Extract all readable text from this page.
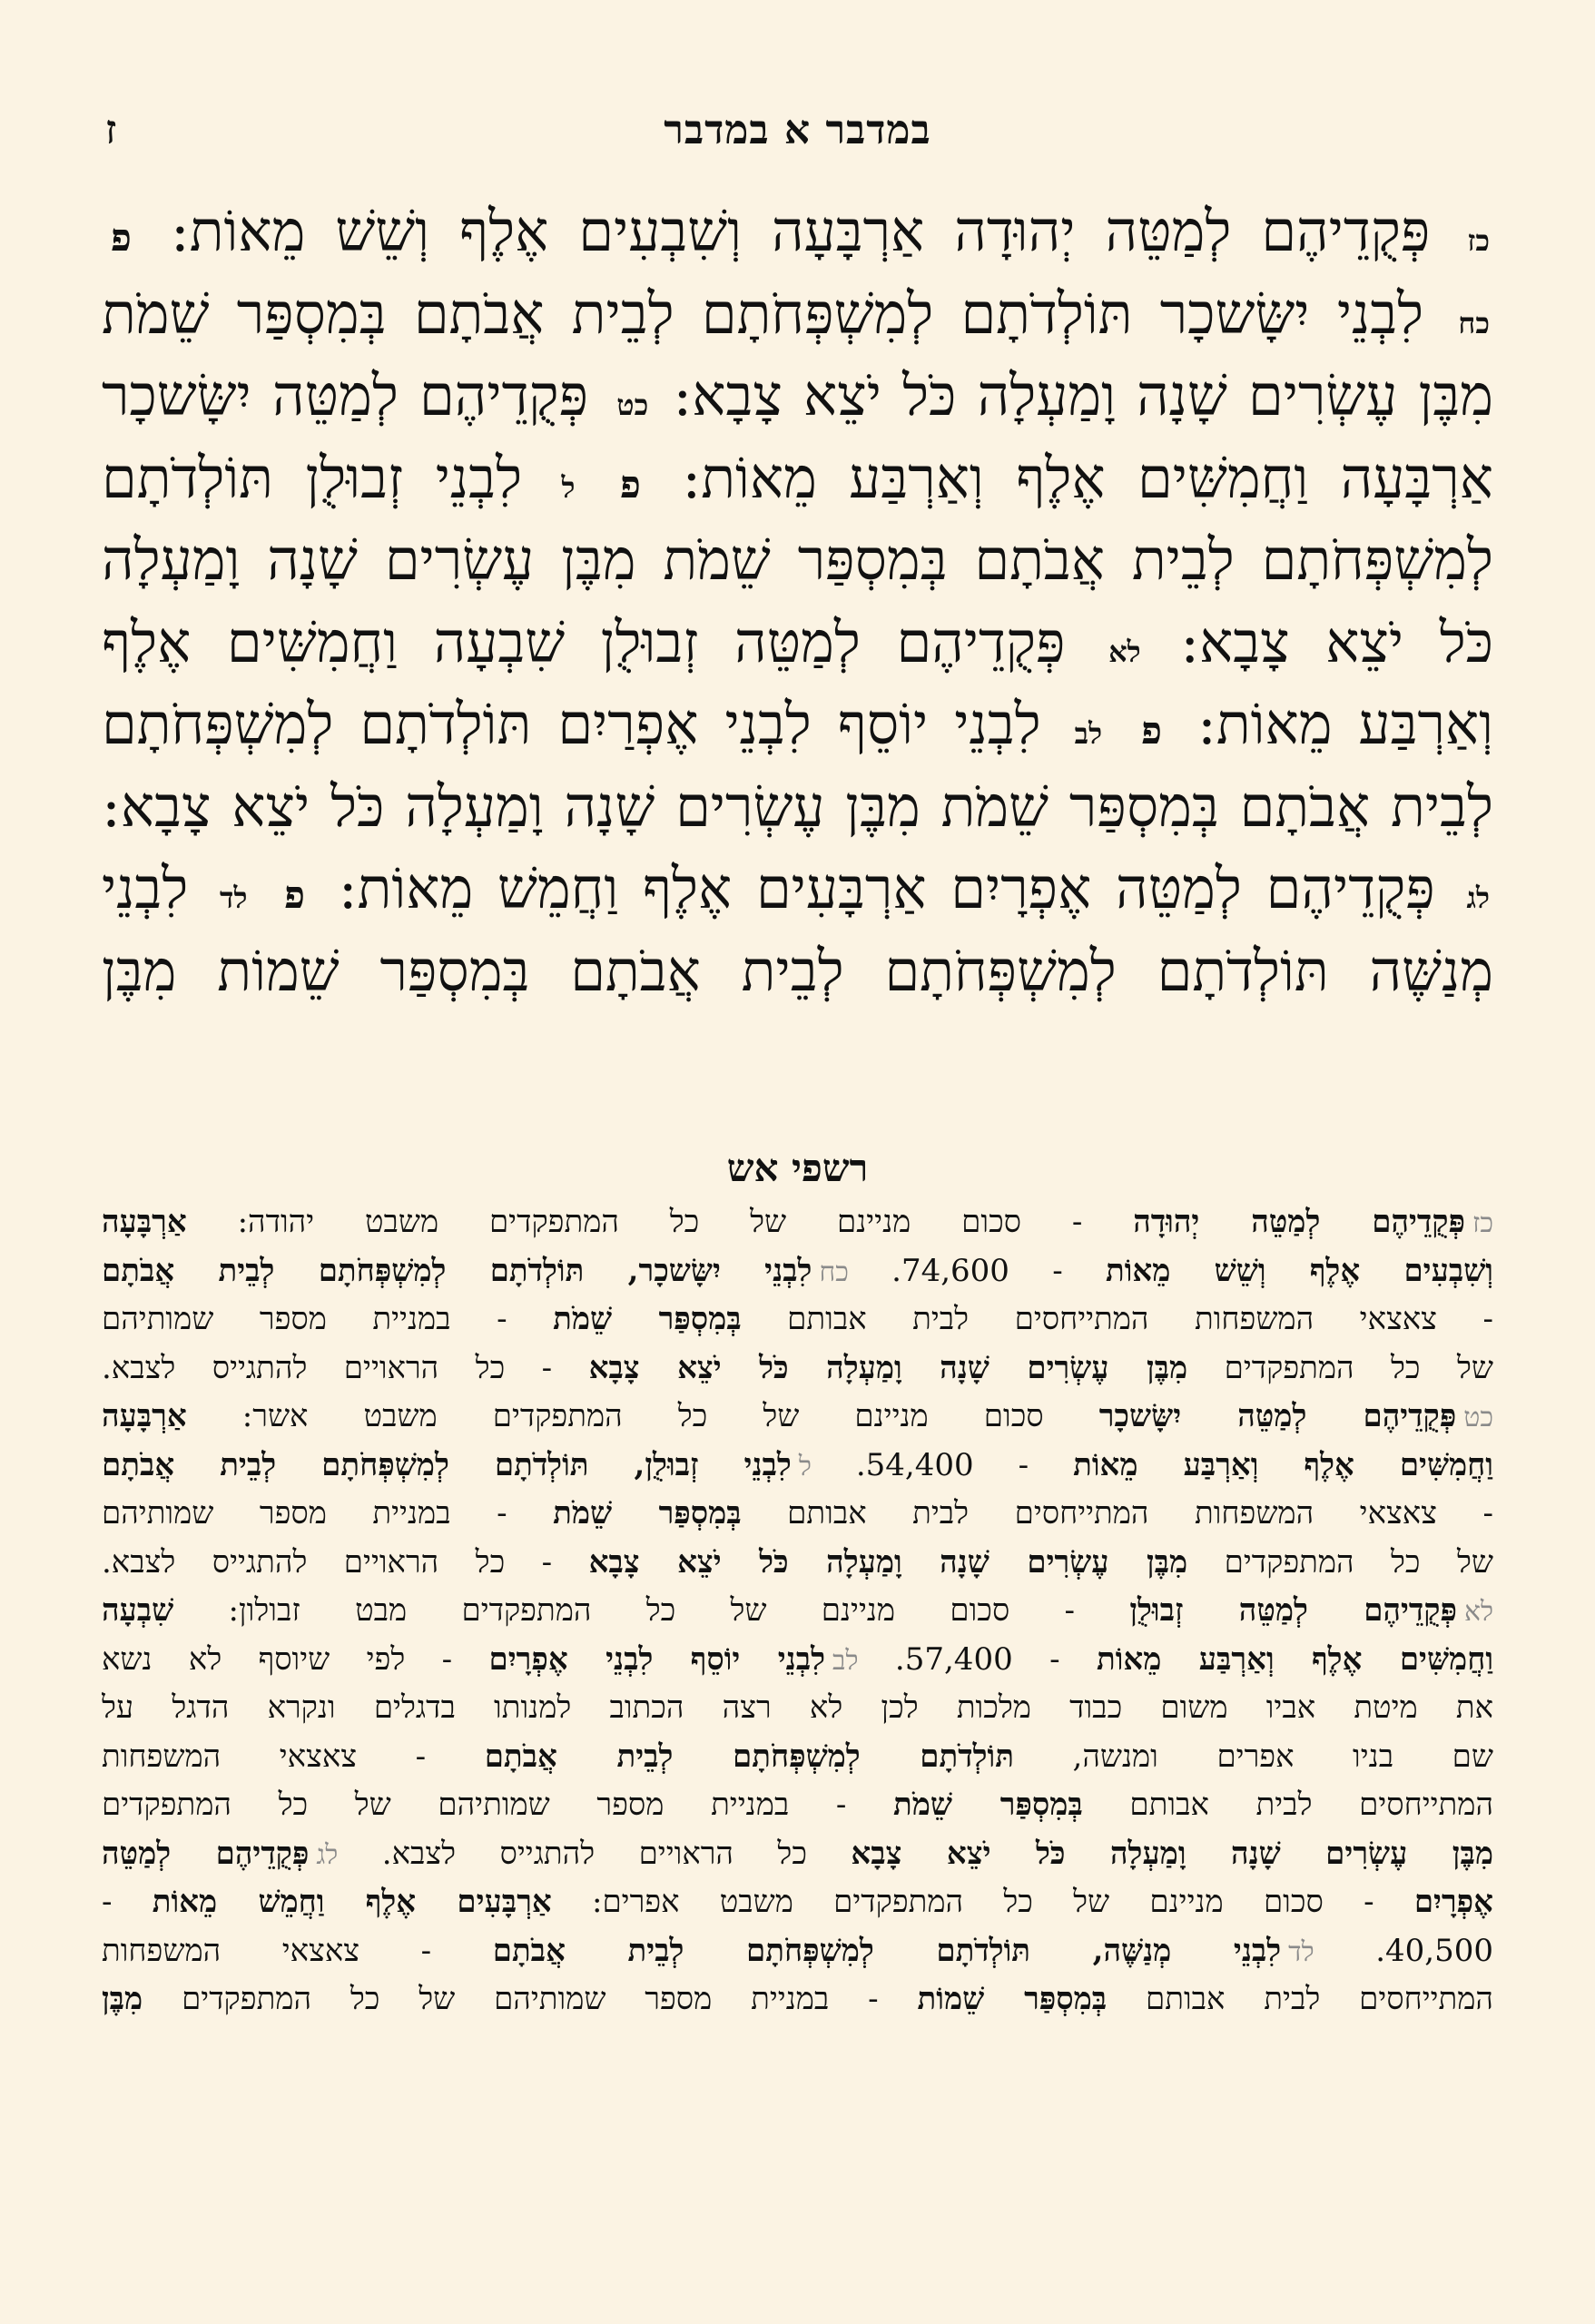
במדבר א במדבר
ז
כז פְּקֻדֵיהֶם לְמַטֵּה יְהוּדָה אַרְבָּעָה וְשִׁבְעִים אֶלֶף וְשֵׁשׁ מֵאוֹת: פ
כח לִבְנֵי יִשָּׂשכָר תּוֹלְדֹתָם לְמִשְׁפְּחֹתָם לְבֵית אֲבֹתָם בְּמִסְפַּר שֵׁמֹת
מִבֶּן עֶשְׂרִים שָׁנָה וָמַעְלָה כֹּל יֹצֵא צָבָא: כט פְּקֻדֵיהֶם לְמַטֵּה יִשָּׂשכָר
אַרְבָּעָה וַחֲמִשִּׁים אֶלֶף וְאַרְבַּע מֵאוֹת: פ ל לִבְנֵי זְבוּלֻן תּוֹלְדֹתָם
לְמִשְׁפְּחֹתָם לְבֵית אֲבֹתָם בְּמִסְפַּר שֵׁמֹת מִבֶּן עֶשְׂרִים שָׁנָה וָמַעְלָה
כֹּל יֹצֵא צָבָא: לא פְּקֻדֵיהֶם לְמַטֵּה זְבוּלֻן שִׁבְעָה וַחֲמִשִּׁים אֶלֶף
וְאַרְבַּע מֵאוֹת: פ לב לִבְנֵי יוֹסֵף לִבְנֵי אֶפְרַיִם תּוֹלְדֹתָם לְמִשְׁפְּחֹתָם
לְבֵית אֲבֹתָם בְּמִסְפַּר שֵׁמֹת מִבֶּן עֶשְׂרִים שָׁנָה וָמַעְלָה כֹּל יֹצֵא צָבָא:
לג פְּקֻדֵיהֶם לְמַטֵּה אֶפְרָיִם אַרְבָּעִים אֶלֶף וַחֲמֵשׁ מֵאוֹת: פ לד לִבְנֵי
מְנַשֶּׁה תּוֹלְדֹתָם לְמִשְׁפְּחֹתָם לְבֵית אֲבֹתָם בְּמִסְפַּר שֵׁמוֹת מִבֶּן
רשפי אש
כזפְּקֻדֵיהֶם לְמַטֵּה יְהוּדָה - סכום מניינם של כל המתפקדים משבט יהודה: אַרְבָּעָה
וְשִׁבְעִים אֶלֶף וְשֵׁשׁ מֵאוֹת - 74,600. כחלִבְנֵי יִשָּׂשכָר, תּוֹלְדֹתָם לְמִשְׁפְּחֹתָם לְבֵית אֲבֹתָם
- צאצאי המשפחות המתייחסים לבית אבותם בְּמִסְפַּר שֵׁמֹת - במניית מספר שמותיהם
של כל המתפקדים מִבֶּן עֶשְׂרִים שָׁנָה וָמַעְלָה כֹּל יֹצֵא צָבָא - כל הראויים להתגייס לצבא.
כטפְּקֻדֵיהֶם לְמַטֵּה יִשָּׂשכָר סכום מניינם של כל המתפקדים משבט אשר: אַרְבָּעָה
וַחֲמִשִּׁים אֶלֶף וְאַרְבַּע מֵאוֹת - 54,400. ללִבְנֵי זְבוּלֻן, תּוֹלְדֹתָם לְמִשְׁפְּחֹתָם לְבֵית אֲבֹתָם
- צאצאי המשפחות המתייחסים לבית אבותם בְּמִסְפַּר שֵׁמֹת - במניית מספר שמותיהם
של כל המתפקדים מִבֶּן עֶשְׂרִים שָׁנָה וָמַעְלָה כֹּל יֹצֵא צָבָא - כל הראויים להתגייס לצבא.
לאפְּקֻדֵיהֶם לְמַטֵּה זְבוּלֻן - סכום מניינם של כל המתפקדים מבט זבולון: שִׁבְעָה
וַחֲמִשִּׁים אֶלֶף וְאַרְבַּע מֵאוֹת - 57,400. לבלִבְנֵי יוֹסֵף לִבְנֵי אֶפְרָיִם - לפי שיוסף לא נשא
את מיטת אביו משום כבוד מלכות לכן לא רצה הכתוב למנותו בדגלים ונקרא הדגל על
שם בניו אפרים ומנשה, תּוֹלְדֹתָם לְמִשְׁפְּחֹתָם לְבֵית אֲבֹתָם - צאצאי המשפחות
המתייחסים לבית אבותם בְּמִסְפַּר שֵׁמֹת - במניית מספר שמותיהם של כל המתפקדים
מִבֶּן עֶשְׂרִים שָׁנָה וָמַעְלָה כֹּל יֹצֵא צָבָא כל הראויים להתגייס לצבא. לגפְּקֻדֵיהֶם לְמַטֵּה
אֶפְרָיִם - סכום מניינם של כל המתפקדים משבט אפרים: אַרְבָּעִים אֶלֶף וַחֲמֵשׁ מֵאוֹת -
40,500. לדלִבְנֵי מְנַשֶּׁה, תּוֹלְדֹתָם לְמִשְׁפְּחֹתָם לְבֵית אֲבֹתָם - צאצאי המשפחות
המתייחסים לבית אבותם בְּמִסְפַּר שֵׁמוֹת - במניית מספר שמותיהם של כל המתפקדים מִבֶּן
